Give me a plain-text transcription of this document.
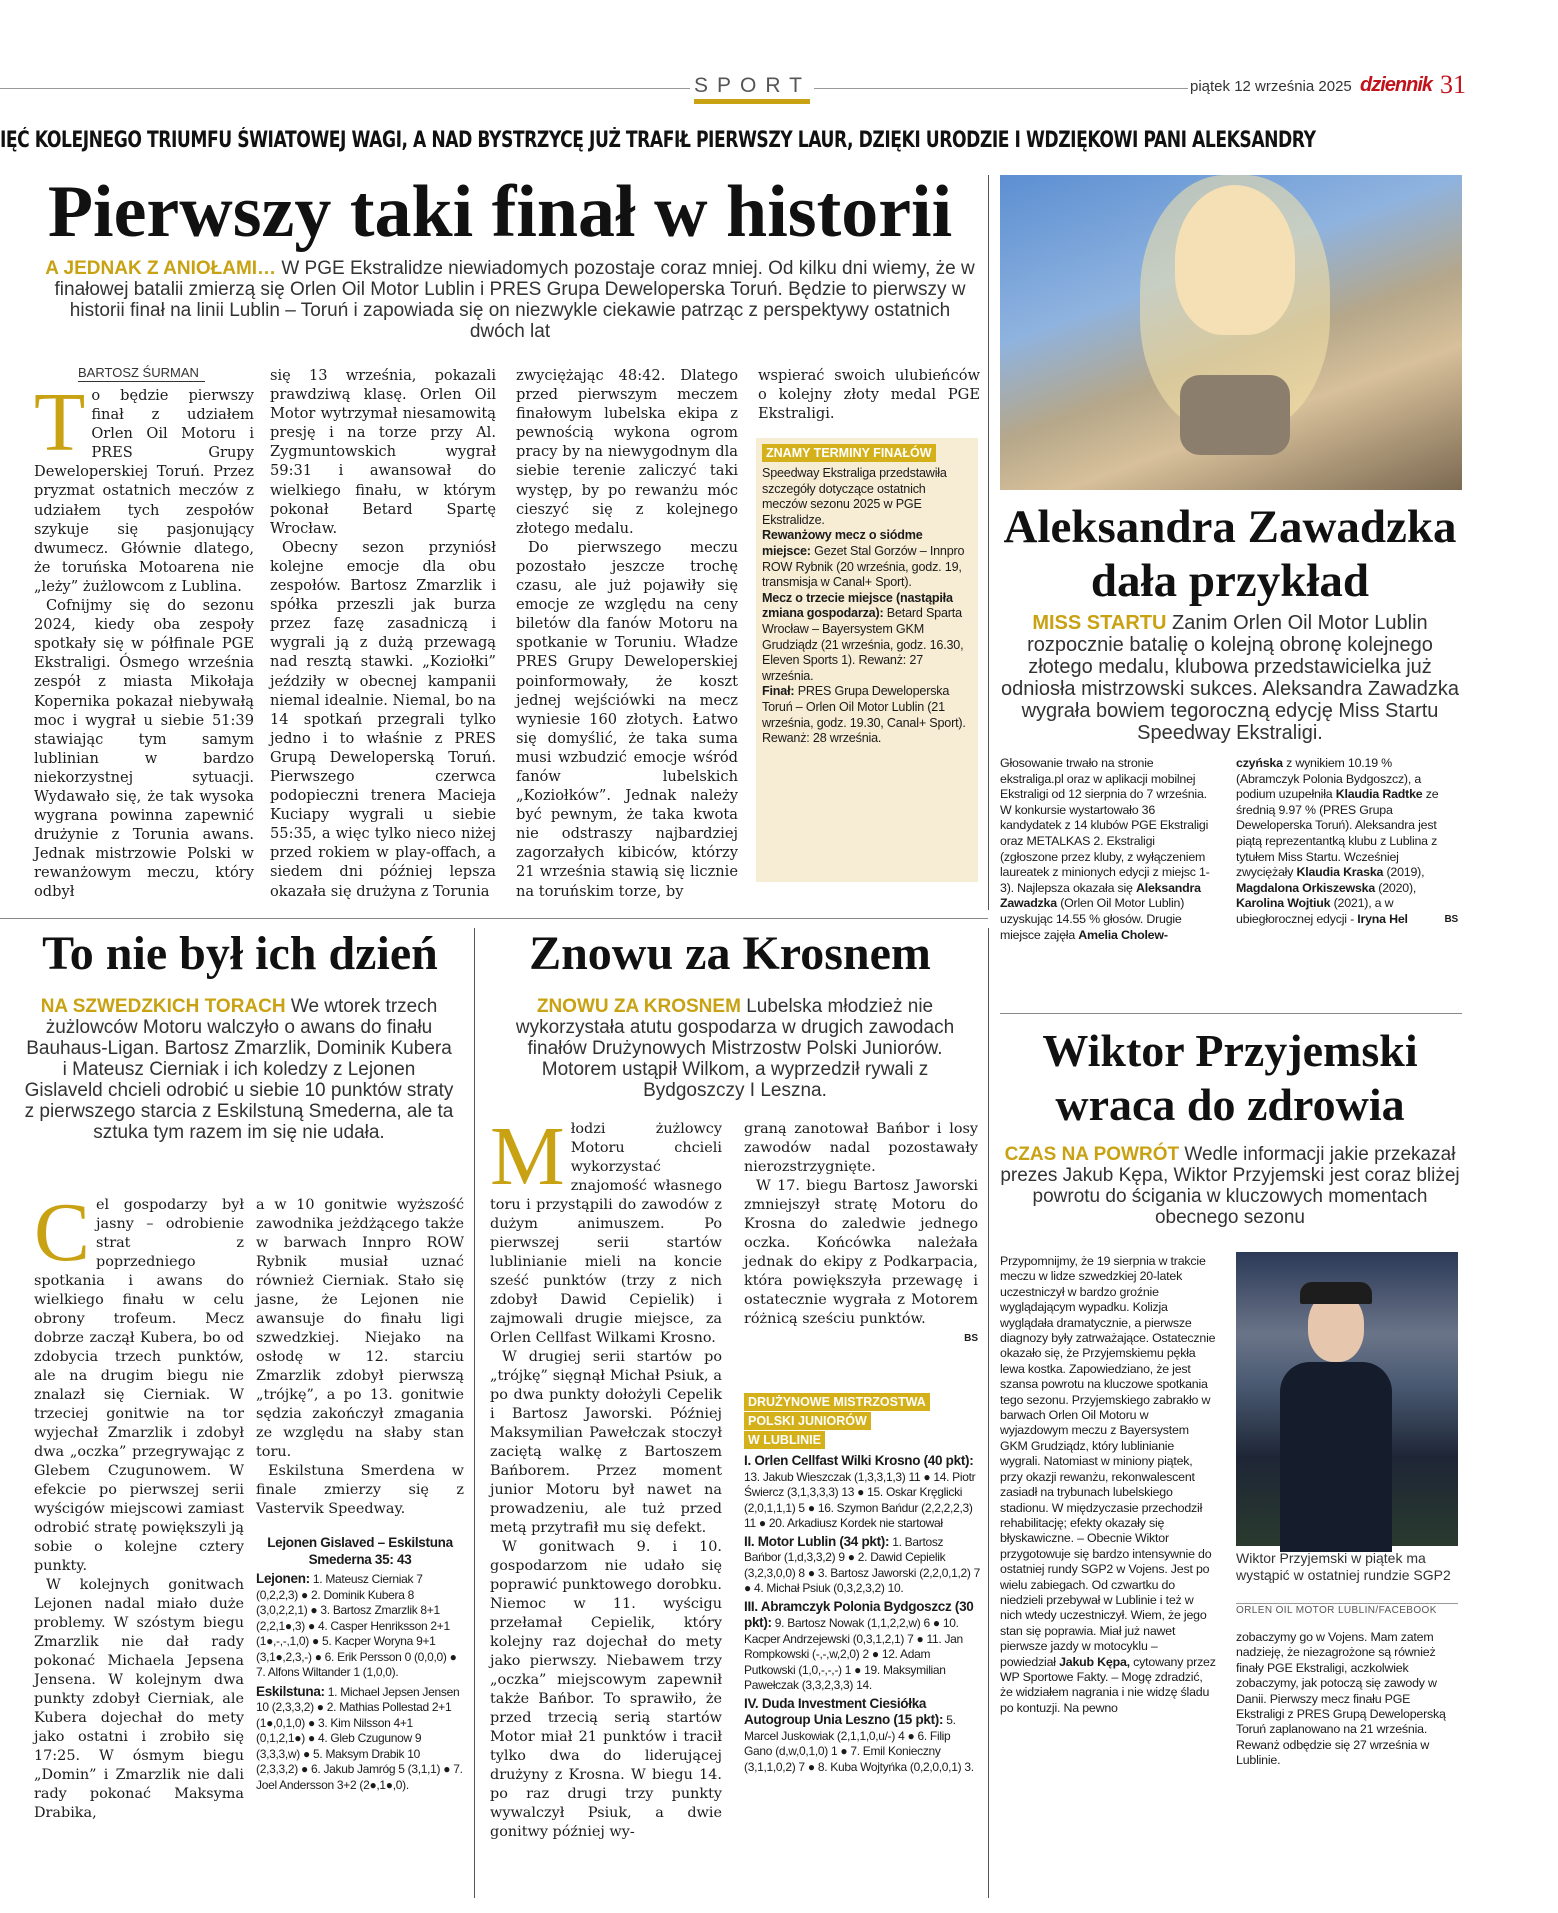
SPORT	piątek 12 września 2025 dziennik 31
IĘĆ KOLEJNEGO TRIUMFU ŚWIATOWEJ WAGI, A NAD BYSTRZYCĘ JUŻ TRAFIŁ PIERWSZY LAUR, DZIĘKI URODZIE I WDZIĘKOWI PANI ALEKSANDRY
Pierwszy taki finał w historii
A JEDNAK Z ANIOŁAMI… W PGE Ekstralidze niewiadomych pozostaje coraz mniej. Od kilku dni wiemy, że w finałowej batalii zmierzą się Orlen Oil Motor Lublin i PRES Grupa Deweloperska Toruń. Będzie to pierwszy w historii finał na linii Lublin – Toruń i zapowiada się on niezwykle ciekawie patrząc z perspektywy ostatnich dwóch lat
BARTOSZ ŚURMAN
T o będzie pierwszy finał z udziałem Orlen Oil Motoru i PRES Grupy Deweloperskiej Toruń. Przez pryzmat ostatnich meczów z udziałem tych zespołów szykuje się pasjonujący dwumecz. Głównie dlatego, że toruńska Motoarena nie „leży” żużlowcom z Lublina.

Cofnijmy się do sezonu 2024, kiedy oba zespoły spotkały się w półfinale PGE Ekstraligi. Ósmego września zespół z miasta Mikołaja Kopernika pokazał niebywałą moc i wygrał u siebie 51:39 stawiając tym samym lublinian w bardzo niekorzystnej sytuacji. Wydawało się, że tak wysoka wygrana powinna zapewnić drużynie z Torunia awans. Jednak mistrzowie Polski w rewanżowym meczu, który odbył

się 13 września, pokazali prawdziwą klasę. Orlen Oil Motor wytrzymał niesamowitą presję i na torze przy Al. Zygmuntowskich wygrał 59:31 i awansował do wielkiego finału, w którym pokonał Betard Spartę Wrocław.

Obecny sezon przyniósł kolejne emocje dla obu zespołów. Bartosz Zmarzlik i spółka przeszli jak burza przez fazę zasadniczą i wygrali ją z dużą przewagą nad resztą stawki. „Koziołki” jeździły w obecnej kampanii niemal idealnie. Niemal, bo na 14 spotkań przegrali tylko jedno i to właśnie z PRES Grupą Deweloperską Toruń. Pierwszego czerwca podopieczni trenera Macieja Kuciapy wygrali u siebie 55:35, a więc tylko nieco niżej przed rokiem w play-offach, a siedem dni później lepsza okazała się drużyna z Torunia

zwyciężając 48:42. Dlatego przed pierwszym meczem finałowym lubelska ekipa z pewnością wykona ogrom pracy by na niewygodnym dla siebie terenie zaliczyć taki występ, by po rewanżu móc cieszyć się z kolejnego złotego medalu.

Do pierwszego meczu pozostało jeszcze trochę czasu, ale już pojawiły się emocje ze względu na ceny biletów dla fanów Motoru na spotkanie w Toruniu. Władze PRES Grupy Deweloperskiej poinformowały, że koszt jednej wejściówki na mecz wyniesie 160 złotych. Łatwo się domyślić, że taka suma musi wzbudzić emocje wśród fanów lubelskich „Koziołków”. Jednak należy być pewnym, że taka kwota nie odstraszy najbardziej zagorzałych kibiców, którzy 21 września stawią się licznie na toruńskim torze, by

wspierać swoich ulubieńców o kolejny złoty medal PGE Ekstraligi.
ZNAMY TERMINY FINAŁÓW
Speedway Ekstraliga przedstawiła szczegóły dotyczące ostatnich meczów sezonu 2025 w PGE Ekstralidze.
Rewanżowy mecz o siódme miejsce: Gezet Stal Gorzów – Innpro ROW Rybnik (20 września, godz. 19, transmisja w Canal+ Sport).
Mecz o trzecie miejsce (nastąpiła zmiana gospodarza): Betard Sparta Wrocław – Bayersystem GKM Grudziądz (21 września, godz. 16.30, Eleven Sports 1). Rewanż: 27 września.
Finał: PRES Grupa Deweloperska Toruń – Orlen Oil Motor Lublin (21 września, godz. 19.30, Canal+ Sport). Rewanż: 28 września.
Aleksandra Zawadzka
dała przykład
MISS STARTU Zanim Orlen Oil Motor Lublin rozpocznie batalię o kolejną obronę kolejnego złotego medalu, klubowa przedstawicielka już odniosła mistrzowski sukces. Aleksandra Zawadzka wygrała bowiem tegoroczną edycję Miss Startu Speedway Ekstraligi.
Głosowanie trwało na stronie ekstraliga.pl oraz w aplikacji mobilnej Ekstraligi od 12 sierpnia do 7 września. W konkursie wystartowało 36 kandydatek z 14 klubów PGE Ekstraligi oraz METALKAS 2. Ekstraligi (zgłoszone przez kluby, z wyłączeniem laureatek z minionych edycji z miejsc 1-3). Najlepsza okazała się Aleksandra Zawadzka (Orlen Oil Motor Lublin) uzyskując 14.55 % głosów. Drugie miejsce zajęła Amelia Cholew-
czyńska z wynikiem 10.19 % (Abramczyk Polonia Bydgoszcz), a podium uzupełniła Klaudia Radtke ze średnią 9.97 % (PRES Grupa Deweloperska Toruń). Aleksandra jest piątą reprezentantką klubu z Lublina z tytułem Miss Startu. Wcześniej zwyciężały Klaudia Kraska (2019), Magdalona Orkiszewska (2020), Karolina Wojtiuk (2021), a w ubiegłorocznej edycji - Iryna Hel	BS
To nie był ich dzień
NA SZWEDZKICH TORACH We wtorek trzech żużlowców Motoru walczyło o awans do finału Bauhaus-Ligan. Bartosz Zmarzlik, Dominik Kubera i Mateusz Cierniak i ich koledzy z Lejonen Gislaveld chcieli odrobić u siebie 10 punktów straty z pierwszego starcia z Eskilstuną Smederna, ale ta sztuka tym razem im się nie udała.
C el gospodarzy był jasny – odrobienie strat z poprzedniego spotkania i awans do wielkiego finału w celu obrony trofeum. Mecz dobrze zaczął Kubera, bo od zdobycia trzech punktów, ale na drugim biegu nie znalazł się Cierniak. W trzeciej gonitwie na tor wyjechał Zmarzlik i zdobył dwa „oczka” przegrywając z Glebem Czugunowem. W efekcie po pierwszej serii wyścigów miejscowi zamiast odrobić stratę powiększyli ją sobie o kolejne cztery punkty.

W kolejnych gonitwach Lejonen nadal miało duże problemy. W szóstym biegu Zmarzlik nie dał rady pokonać Michaela Jepsena Jensena. W kolejnym dwa punkty zdobył Cierniak, ale Kubera dojechał do mety jako ostatni i zrobiło się 17:25. W ósmym biegu „Domin” i Zmarzlik nie dali rady pokonać Maksyma Drabika,

a w 10 gonitwie wyższość zawodnika jeżdżącego także w barwach Innpro ROW Rybnik musiał uznać również Cierniak. Stało się jasne, że Lejonen nie awansuje do finału ligi szwedzkiej. Niejako na osłodę w 12. starciu Zmarzlik zdobył pierwszą „trójkę”, a po 13. gonitwie sędzia zakończył zmagania ze względu na słaby stan toru.

Eskilstuna Smerdena w finale zmierzy się z Vastervik Speedway.

Lejonen Gislaved – Eskilstuna Smederna 35: 43
Lejonen: 1. Mateusz Cierniak 7 (0,2,2,3) ● 2. Dominik Kubera 8 (3,0,2,2,1) ● 3. Bartosz Zmarzlik 8+1 (2,2,1●,3) ● 4. Casper Henriksson 2+1 (1●,-,-,1,0) ● 5. Kacper Woryna 9+1 (3,1●,2,3,-) ● 6. Erik Persson 0 (0,0,0) ● 7. Alfons Wiltander 1 (1,0,0).
Eskilstuna: 1. Michael Jepsen Jensen 10 (2,3,3,2) ● 2. Mathias Pollestad 2+1 (1●,0,1,0) ● 3. Kim Nilsson 4+1 (0,1,2,1●) ● 4. Gleb Czugunow 9 (3,3,3,w) ● 5. Maksym Drabik 10 (2,3,3,2) ● 6. Jakub Jamróg 5 (3,1,1) ● 7. Joel Andersson 3+2 (2●,1●,0).
Znowu za Krosnem
ZNOWU ZA KROSNEM Lubelska młodzież nie wykorzystała atutu gospodarza w drugich zawodach finałów Drużynowych Mistrzostw Polski Juniorów. Motorem ustąpił Wilkom, a wyprzedził rywali z Bydgoszczy I Leszna.
M łodzi żużlowcy Motoru chcieli wykorzystać znajomość własnego toru i przystąpili do zawodów z dużym animuszem. Po pierwszej serii startów lublinianie mieli na koncie sześć punktów (trzy z nich zdobył Dawid Cepielik) i zajmowali drugie miejsce, za Orlen Cellfast Wilkami Krosno.

W drugiej serii startów po „trójkę” sięgnął Michał Psiuk, a po dwa punkty dołożyli Cepelik i Bartosz Jaworski. Później Maksymilian Pawełczak stoczył zaciętą walkę z Bartoszem Bańborem. Przez moment junior Motoru był nawet na prowadzeniu, ale tuż przed metą przytrafił mu się defekt.

W gonitwach 9. i 10. gospodarzom nie udało się poprawić punktowego dorobku. Niemoc w 11. wyścigu przełamał Cepielik, który kolejny raz dojechał do mety jako pierwszy. Niebawem trzy „oczka” miejscowym zapewnił także Bańbor. To sprawiło, że przed trzecią serią startów Motor miał 21 punktów i tracił tylko dwa do liderującej drużyny z Krosna. W biegu 14. po raz drugi trzy punkty wywalczył Psiuk, a dwie gonitwy później wy-

graną zanotował Bańbor i losy zawodów nadal pozostawały nierozstrzygnięte.

W 17. biegu Bartosz Jaworski zmniejszył stratę Motoru do Krosna do zaledwie jednego oczka. Końcówka należała jednak do ekipy z Podkarpacia, która powiększyła przewagę i ostatecznie wygrała z Motorem różnicą sześciu punktów.

BS
DRUŻYNOWE MISTRZOSTWA
POLSKI JUNIORÓW
W LUBLINIE
I. Orlen Cellfast Wilki Krosno (40 pkt): 13. Jakub Wieszczak (1,3,3,1,3) 11 ● 14. Piotr Świercz (3,1,3,3,3) 13 ● 15. Oskar Kręglicki (2,0,1,1,1) 5 ● 16. Szymon Bańdur (2,2,2,2,3) 11 ● 20. Arkadiusz Kordek nie startował
II. Motor Lublin (34 pkt): 1. Bartosz Bańbor (1,d,3,3,2) 9 ● 2. Dawid Cepielik (3,2,3,0,0) 8 ● 3. Bartosz Jaworski (2,2,0,1,2) 7 ● 4. Michał Psiuk (0,3,2,3,2) 10.
III. Abramczyk Polonia Bydgoszcz (30 pkt): 9. Bartosz Nowak (1,1,2,2,w) 6 ● 10. Kacper Andrzejewski (0,3,1,2,1) 7 ● 11. Jan Rompkowski (-,-,w,2,0) 2 ● 12. Adam Putkowski (1,0,-,-,-) 1 ● 19. Maksymilian Pawełczak (3,3,2,3,3) 14.
IV. Duda Investment Ciesiółka Autogroup Unia Leszno (15 pkt): 5. Marcel Juskowiak (2,1,1,0,u/-) 4 ● 6. Filip Gano (d,w,0,1,0) 1 ● 7. Emil Konieczny (3,1,1,0,2) 7 ● 8. Kuba Wojtyńka (0,2,0,0,1) 3.
Wiktor Przyjemski
wraca do zdrowia
CZAS NA POWRÓT Wedle informacji jakie przekazał prezes Jakub Kępa, Wiktor Przyjemski jest coraz bliżej powrotu do ścigania w kluczowych momentach obecnego sezonu
Przypomnijmy, że 19 sierpnia w trakcie meczu w lidze szwedzkiej 20-latek uczestniczył w bardzo groźnie wyglądającym wypadku. Kolizja wyglądała dramatycznie, a pierwsze diagnozy były zatrważające. Ostatecznie okazało się, że Przyjemskiemu pękła lewa kostka. Zapowiedziano, że jest szansa powrotu na kluczowe spotkania tego sezonu. Przyjemskiego zabrakło w barwach Orlen Oil Motoru w wyjazdowym meczu z Bayersystem GKM Grudziądz, który lublinianie wygrali. Natomiast w miniony piątek, przy okazji rewanżu, rekonwalescent zasiadł na trybunach lubelskiego stadionu. W międzyczasie przechodził rehabilitację; efekty okazały się błyskawiczne. – Obecnie Wiktor przygotowuje się bardzo intensywnie do ostatniej rundy SGP2 w Vojens. Jest po wielu zabiegach. Od czwartku do niedzieli przebywał w Lublinie i też w nich wtedy uczestniczył. Wiem, że jego stan się poprawia. Miał już nawet pierwsze jazdy w motocyklu – powiedział Jakub Kępa, cytowany przez WP Sportowe Fakty. – Mogę zdradzić, że widziałem nagrania i nie widzę śladu po kontuzji. Na pewno
Wiktor Przyjemski w piątek ma wystąpić w ostatniej rundzie SGP2
ORLEN OIL MOTOR LUBLIN/FACEBOOK
zobaczymy go w Vojens. Mam zatem nadzieję, że niezagrożone są również finały PGE Ekstraligi, aczkolwiek zobaczymy, jak potoczą się zawody w Danii. Pierwszy mecz finału PGE Ekstraligi z PRES Grupą Deweloperską Toruń zaplanowano na 21 września. Rewanż odbędzie się 27 września w Lublinie.
